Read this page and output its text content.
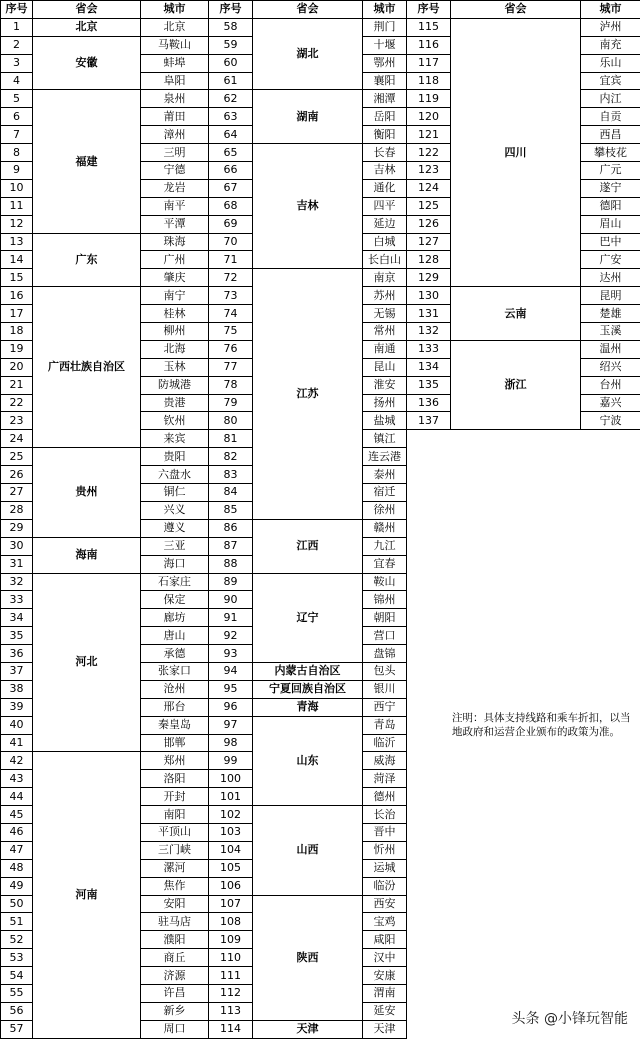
序号	省会	城市	序号	省会	城市	序号	省会	城市
1	北京	北京	58	湖北	荆门	115	四川	泸州
2	安徽	马鞍山	59		十堰	116		南充
3		蚌埠	60		鄂州	117		乐山
4		阜阳	61		襄阳	118		宜宾
5	福建	泉州	62	湖南	湘潭	119		内江
6		莆田	63		岳阳	120		自贡
7		漳州	64		衡阳	121		西昌
8		三明	65	吉林	长春	122		攀枝花
9		宁德	66		吉林	123		广元
10		龙岩	67		通化	124		遂宁
11		南平	68		四平	125		德阳
12		平潭	69		延边	126		眉山
13	广东	珠海	70		白城	127		巴中
14		广州	71		长白山	128		广安
15		肇庆	72	江苏	南京	129		达州
16	广西壮族自治区	南宁	73		苏州	130	云南	昆明
17		桂林	74		无锡	131		楚雄
18		柳州	75		常州	132		玉溪
19		北海	76		南通	133	浙江	温州
20		玉林	77		昆山	134		绍兴
21		防城港	78		淮安	135		台州
22		贵港	79		扬州	136		嘉兴
23		钦州	80		盐城	137		宁波
24		来宾	81		镇江			
25	贵州	贵阳	82		连云港			
26		六盘水	83		泰州			
27		铜仁	84		宿迁			
28		兴义	85		徐州			
29		遵义	86	江西	赣州			
30	海南	三亚	87		九江			
31		海口	88		宜春			
32	河北	石家庄	89	辽宁	鞍山			
33		保定	90		锦州			
34		廊坊	91		朝阳			
35		唐山	92		营口			
36		承德	93		盘锦			
37		张家口	94	内蒙古自治区	包头			
38		沧州	95	宁夏回族自治区	银川			
39		邢台	96	青海	西宁			
40		秦皇岛	97	山东	青岛			
41		邯郸	98		临沂			
42	河南	郑州	99		威海			
43		洛阳	100		菏泽			
44		开封	101		德州			
45		南阳	102	山西	长治			
46		平顶山	103		晋中			
47		三门峡	104		忻州			
48		漯河	105		运城			
49		焦作	106		临汾			
50		安阳	107	陕西	西安			
51		驻马店	108		宝鸡			
52		濮阳	109		咸阳			
53		商丘	110		汉中			
54		济源	111		安康			
55		许昌	112		渭南			
56		新乡	113		延安			
57		周口	114	天津	天津			
注明：具体支持线路和乘车折扣，以当地政府和运营企业颁布的政策为准。
头条 @小锋玩智能
